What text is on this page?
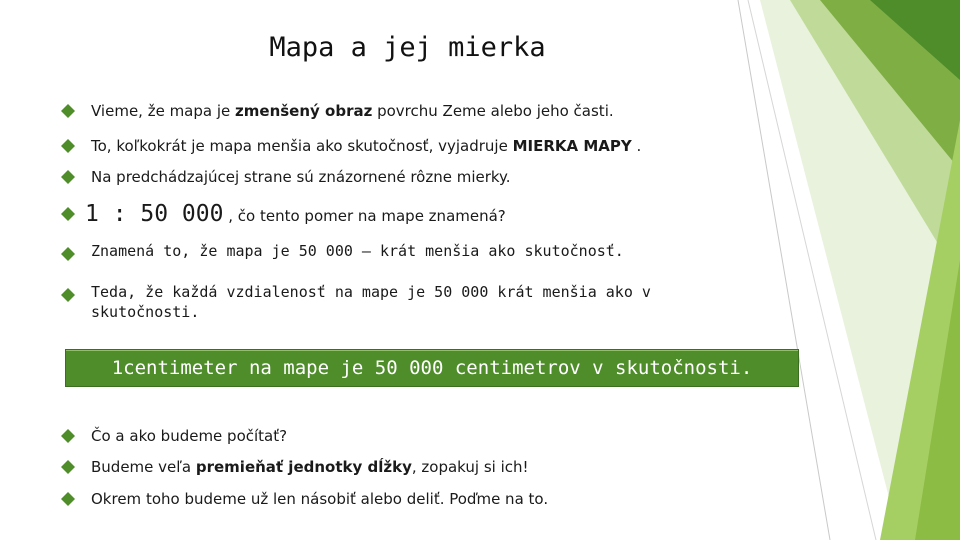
Mapa a jej mierka
Vieme, že mapa je zmenšený obraz povrchu Zeme alebo jeho časti.
To, koľkokrát je mapa menšia ako skutočnosť, vyjadruje MIERKA MAPY .
Na predchádzajúcej strane sú znázornené rôzne mierky.
1 : 50 000 , čo tento pomer na mape znamená?
Znamená to, že mapa je 50 000 – krát menšia ako skutočnosť.
Teda, že každá vzdialenosť na mape je 50 000 krát menšia ako v
skutočnosti.
1centimeter na mape je 50 000 centimetrov v skutočnosti.
Čo a ako budeme počítať?
Budeme veľa premieňať jednotky dĺžky, zopakuj si ich!
Okrem toho budeme už len násobiť alebo deliť. Poďme na to.
